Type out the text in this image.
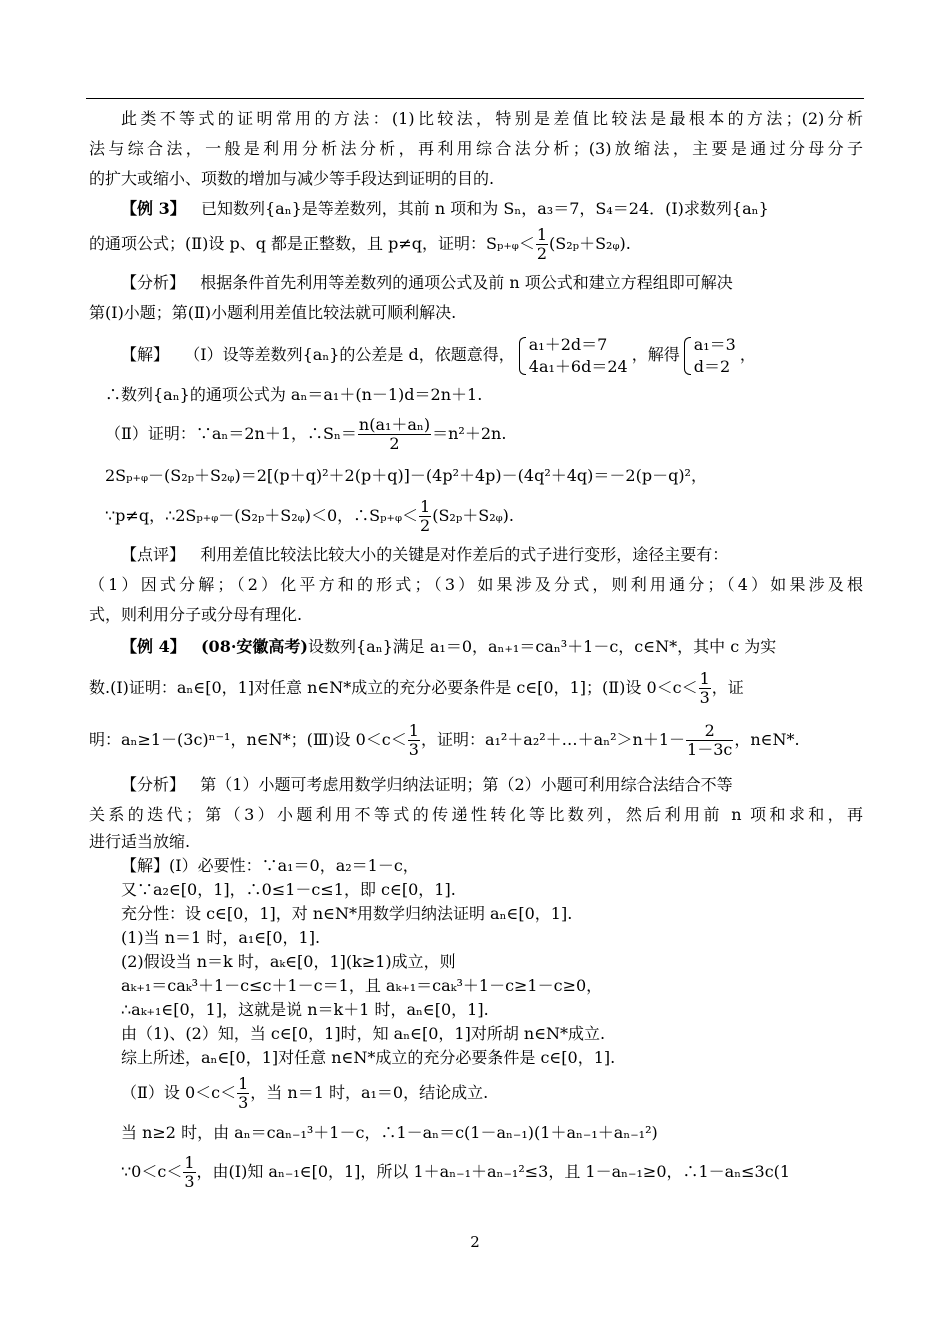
此类不等式的证明常用的方法：(1)比较法，特别是差值比较法是最根本的方法；(2)分析
法与综合法，一般是利用分析法分析，再利用综合法分析；(3)放缩法，主要是通过分母分子
的扩大或缩小、项数的增加与减少等手段达到证明的目的.
【例 3】 已知数列{aₙ}是等差数列，其前 n 项和为 Sₙ，a₃＝7，S₄＝24．(Ⅰ)求数列{aₙ}
的通项公式；(Ⅱ)设 p、q 都是正整数，且 p≠q，证明：Sₚ₊ᵩ＜ $\frac{1}{2}$ (S₂ₚ＋S₂ᵩ).
【分析】 根据条件首先利用等差数列的通项公式及前 n 项公式和建立方程组即可解决
第(Ⅰ)小题；第(Ⅱ)小题利用差值比较法就可顺利解决.
【解】 （Ⅰ）设等差数列{aₙ}的公差是 d，依题意得，
a₁＋2d＝7
4a₁＋6d＝24
，解得
a₁＝3
d＝2
，
∴数列{aₙ}的通项公式为 aₙ＝a₁＋(n－1)d＝2n＋1.
（Ⅱ）证明：∵aₙ＝2n＋1，∴Sₙ＝ $\frac{\text{n(a₁＋aₙ)}}{2} =n^2+2n$.
2Sₚ₊ᵩ－(S₂ₚ＋S₂ᵩ)＝2[(p＋q)²＋2(p＋q)]－(4p²＋4p)－(4q²＋4q)＝－2(p－q)²，
∵p≠q，∴2Sₚ₊ᵩ－(S₂ₚ＋S₂ᵩ)＜0，∴Sₚ₊ᵩ＜ $\frac{1}{2}$ (S₂ₚ＋S₂ᵩ).
【点评】 利用差值比较法比较大小的关键是对作差后的式子进行变形，途径主要有：
（1）因式分解；（2）化平方和的形式；（3）如果涉及分式，则利用通分；（4）如果涉及根
式，则利用分子或分母有理化.
【例 4】 (08·安徽高考)设数列{aₙ}满足 a₁＝0，aₙ₊₁＝caₙ³＋1－c，c∈N*，其中 c 为实
数.(Ⅰ)证明：aₙ∈[0，1]对任意 n∈N*成立的充分必要条件是 c∈[0，1]；(Ⅱ)设 $0<c< \frac{1}{3}$ ，证
明：aₙ≥1－(3c)ⁿ⁻¹，n∈N*；(Ⅲ)设 $0<c< \frac{1}{3}$ ，证明：a₁²＋a₂²＋…＋aₙ²＞n＋1－ $\frac{2}{1-3c}$ ，n∈N*.
【分析】 第（1）小题可考虑用数学归纳法证明；第（2）小题可利用综合法结合不等
关系的迭代；第（3）小题利用不等式的传递性转化等比数列，然后利用前 n 项和求和，再
进行适当放缩.
【解】(Ⅰ）必要性：∵a₁＝0，a₂＝1－c，
又∵a₂∈[0，1]，∴0≤1－c≤1，即 c∈[0，1].
充分性：设 c∈[0，1]，对 n∈N*用数学归纳法证明 aₙ∈[0，1].
(1)当 n＝1 时，a₁∈[0，1].
(2)假设当 n＝k 时，aₖ∈[0，1](k≥1)成立，则
aₖ₊₁＝caₖ³＋1－c≤c＋1－c＝1，且 aₖ₊₁＝caₖ³＋1－c≥1－c≥0，
∴aₖ₊₁∈[0，1]，这就是说 n＝k＋1 时，aₙ∈[0，1].
由（1)、(2）知，当 c∈[0，1]时，知 aₙ∈[0，1]对所胡 n∈N*成立.
综上所述，aₙ∈[0，1]对任意 n∈N*成立的充分必要条件是 c∈[0，1].
（Ⅱ）设 $0<c< \frac{1}{3}$ ，当 n＝1 时，a₁＝0，结论成立.
当 n≥2 时，由 aₙ＝caₙ₋₁³＋1－c，∴1－aₙ＝c(1－aₙ₋₁)(1＋aₙ₋₁＋aₙ₋₁²)
∵0＜c＜ $\frac{1}{3}$ ，由(Ⅰ)知 aₙ₋₁∈[0，1]，所以 1＋aₙ₋₁＋aₙ₋₁²≤3，且 1－aₙ₋₁≥0，∴1－aₙ≤3c(1
2
